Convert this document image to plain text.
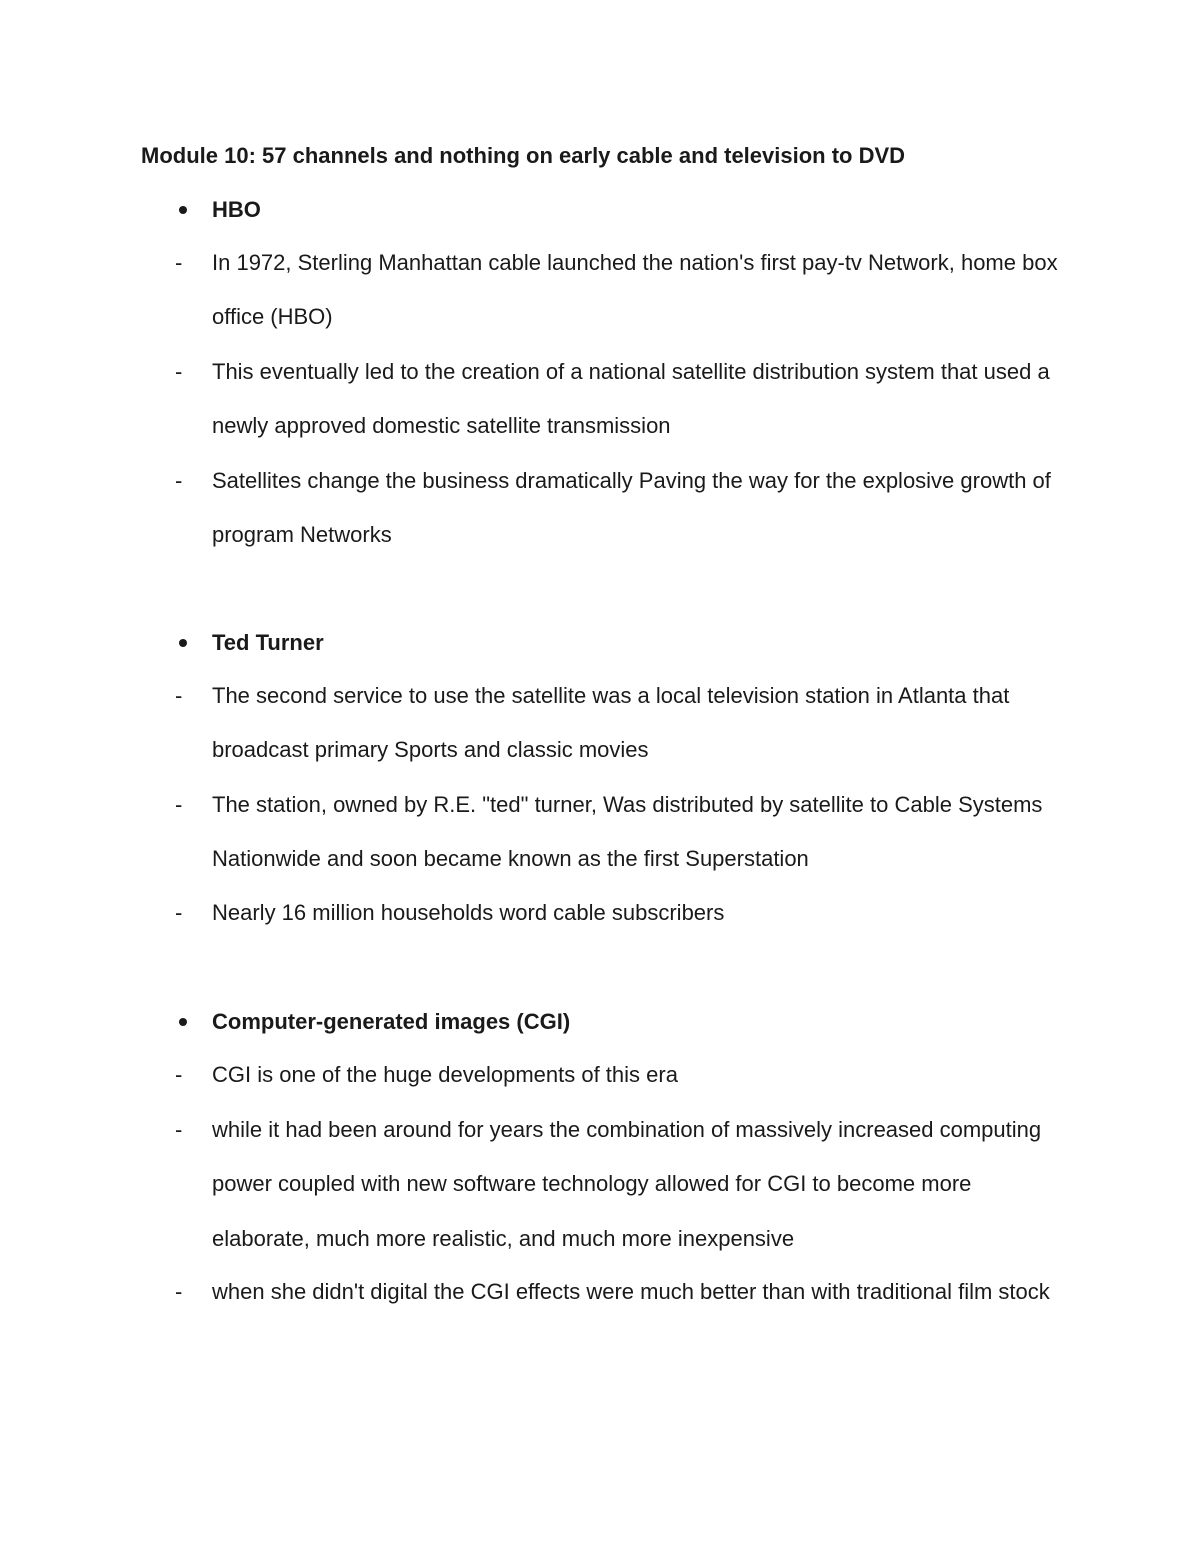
Module 10: 57 channels and nothing on early cable and television to DVD
HBO
- In 1972, Sterling Manhattan cable launched the nation's first pay-tv Network, home box office (HBO)
- This eventually led to the creation of a national satellite distribution system that used a newly approved domestic satellite transmission
- Satellites change the business dramatically Paving the way for the explosive growth of program Networks
Ted Turner
- The second service to use the satellite was a local television station in Atlanta that broadcast primary Sports and classic movies
- The station, owned by R.E. "ted" turner, Was distributed by satellite to Cable Systems Nationwide and soon became known as the first Superstation
- Nearly 16 million households word cable subscribers
Computer-generated images (CGI)
- CGI is one of the huge developments of this era
- while it had been around for years the combination of massively increased computing power coupled with new software technology allowed for CGI to become more elaborate, much more realistic, and much more inexpensive
- when she didn't digital the CGI effects were much better than with traditional film stock
